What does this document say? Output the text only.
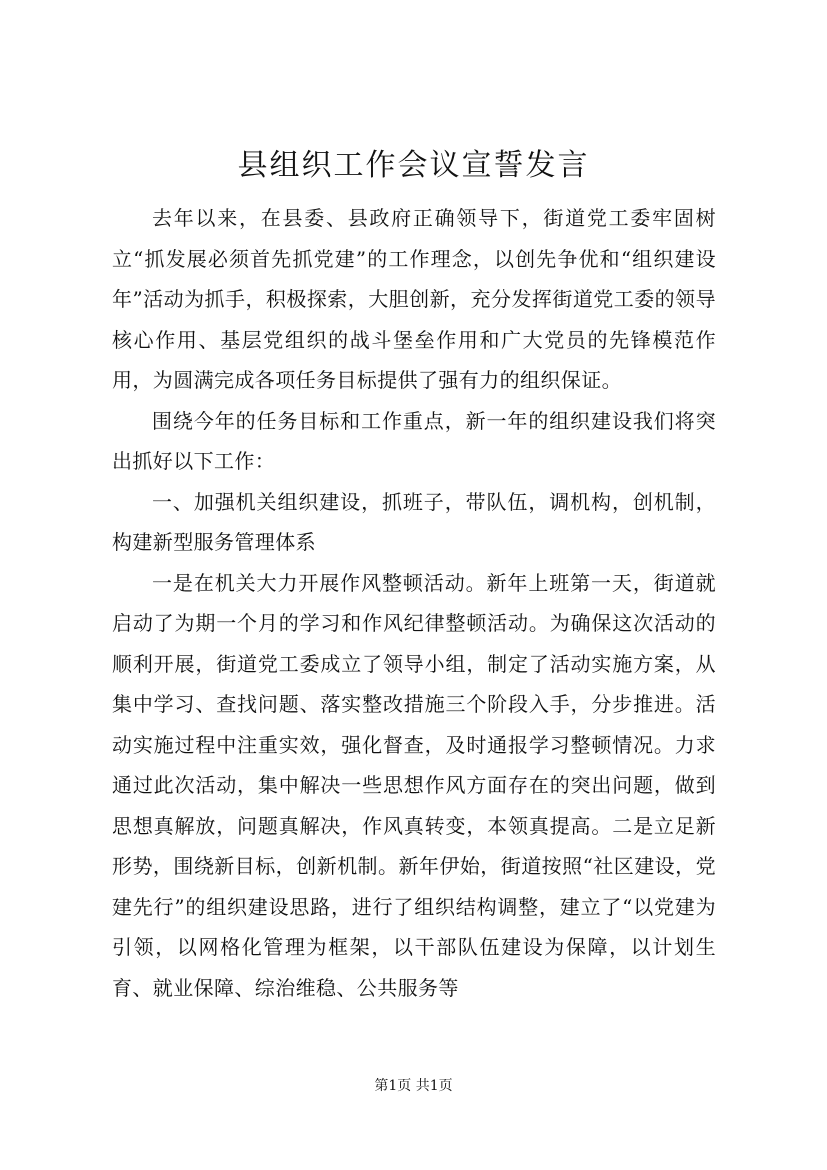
县组织工作会议宣誓发言

去年以来，在县委、县政府正确领导下，街道党工委牢固树立“抓发展必须首先抓党建”的工作理念，以创先争优和“组织建设年”活动为抓手，积极探索，大胆创新，充分发挥街道党工委的领导核心作用、基层党组织的战斗堡垒作用和广大党员的先锋模范作用，为圆满完成各项任务目标提供了强有力的组织保证。

围绕今年的任务目标和工作重点，新一年的组织建设我们将突出抓好以下工作：

一、加强机关组织建设，抓班子，带队伍，调机构，创机制，构建新型服务管理体系

一是在机关大力开展作风整顿活动。新年上班第一天，街道就启动了为期一个月的学习和作风纪律整顿活动。为确保这次活动的顺利开展，街道党工委成立了领导小组，制定了活动实施方案，从集中学习、查找问题、落实整改措施三个阶段入手，分步推进。活动实施过程中注重实效，强化督查，及时通报学习整顿情况。力求通过此次活动，集中解决一些思想作风方面存在的突出问题，做到思想真解放，问题真解决，作风真转变，本领真提高。二是立足新形势，围绕新目标，创新机制。新年伊始，街道按照“社区建设，党建先行”的组织建设思路，进行了组织结构调整，建立了“以党建为引领，以网格化管理为框架，以干部队伍建设为保障，以计划生育、就业保障、综治维稳、公共服务等

第1页 共1页
